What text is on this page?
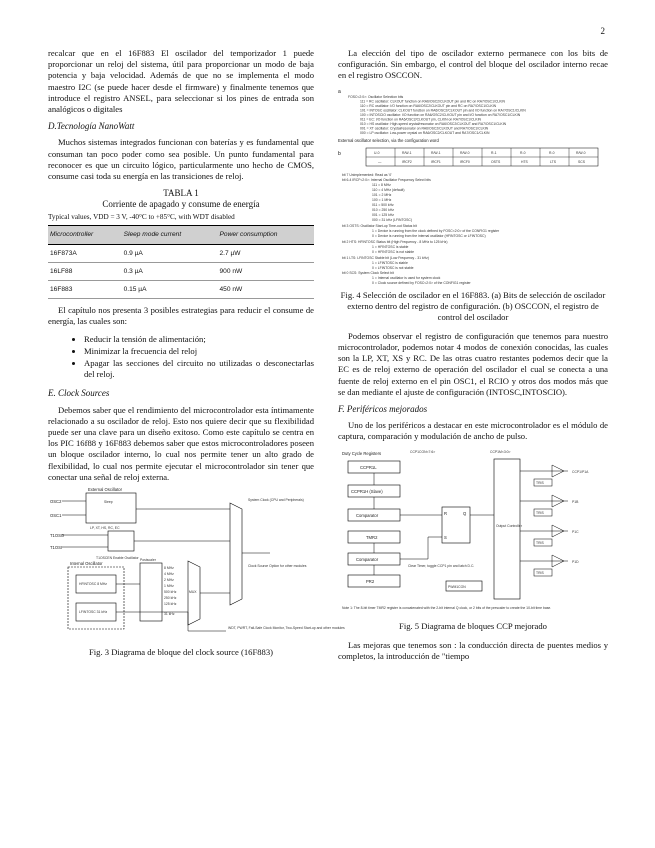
2

recalcar que en el 16F883 El oscilador del temporizador 1 puede proporcionar un reloj del sistema, útil para proporcionar un modo de baja potencia y baja velocidad. Además de que no se implementa el modo maestro I2C (se puede hacer desde el firmware) y finalmente tenemos que introduce el registro ANSEL, para seleccionar si los pines de entrada son analógicos o digitales

D.Tecnología NanoWatt

Muchos sistemas integrados funcionan con baterías y es fundamental que consuman tan poco poder como sea posible. Un punto fundamental para reconocer es que un circuito lógico, particularmente uno hecho de CMOS, consume casi toda su energía en las transiciones de reloj.

TABLA 1
Corriente de apagado y consume de energía
Typical values, VDD = 3 V, -40°C to +85°C, with WDT disabled
Microcontroller	Sleep mode current	Power consumption
16F873A	0.9 µA	2.7 µW
16LF88	0.3 µA	900 nW
16F883	0.15 µA	450 nW

El capítulo nos presenta 3 posibles estrategias para reducir el consume de energía, las cuales son:

• Reducir la tensión de alimentación;
• Minimizar la frecuencia del reloj
• Apagar las secciones del circuito no utilizadas o desconectarlas del reloj.
E. Clock Sources

Debemos saber que el rendimiento del microcontrolador esta íntimamente relacionado a su oscilador de reloj. Esto nos quiere decir que su flexibilidad puede ser una clave para un diseño exitoso. Como este capítulo se centra en los PIC 16f88 y 16F883 debemos saber que estos microcontroladores poseen un bloque oscilador interno, lo cual nos permite tener un alto grado de flexibilidad, lo cual nos permite ejecutar el microcontrolador sin tener que conectar una señal de reloj externa.

External Oscillator
OSC2
OSC1
Sleep
LP, XT, HS, RC, EC
T1OSO
T1OSI
T1OSCEN Enable Oscillator
Internal Oscillator
HFINTOSC 8 MHz
LFINTOSC 31 kHz
Postscaler
8 MHz
4 MHz
2 MHz
1 MHz
500 kHz
250 kHz
125 kHz
31 kHz
MUX
System Clock (CPU and Peripherals)
Clock Source Option for other modules
WDT, PWRT, Fail-Safe Clock Monitor, Two-Speed Start-up and other modules
Fig. 3 Diagrama de bloque del clock source (16F883)

La elección del tipo de oscilador externo permanece con los bits de configuración. Sin embargo, el control del bloque del oscilador interno recae en el registro OSCCON.

a
FOSC<2:0>: Oscillator Selection bits
111 = RC oscillator: CLKOUT function on RA6/OSC2/CLKOUT pin and RC on RA7/OSC1/CLKIN
110 = RC oscillator: I/O function on RA6/OSC2/CLKOUT pin and RC on RA7/OSC1/CLKIN
101 = INTOSC oscillator: CLKOUT function on RA6/OSC2/CLKOUT pin and I/O function on RA7/OSC1/CLKIN
100 = INTOSCIO oscillator: I/O function on RA6/OSC2/CLKOUT pin and I/O function on RA7/OSC1/CLKIN
011 = EC: I/O function on RA6/OSC2/CLKOUT pin, CLKIN on RA7/OSC1/CLKIN
010 = HS oscillator: High-speed crystal/resonator on RA6/OSC2/CLKOUT and RA7/OSC1/CLKIN
001 = XT oscillator: Crystal/resonator on RA6/OSC2/CLKOUT and RA7/OSC1/CLKIN
000 = LP oscillator: Low-power crystal on RA6/OSC2/CLKOUT and RA7/OSC1/CLKIN
External oscillator selection, via the configuration word
b	U-0	R/W-1	R/W-1	R/W-0	R-1	R-0	R-0	R/W-0
—	IRCF2	IRCF1	IRCF0	OSTS	HTS	LTS	SCS
bit 7 Unimplemented: Read as '0'
bit 6-4 IRCF<2:0>: Internal Oscillator Frequency Select bits
111 = 8 MHz
110 = 4 MHz (default)
101 = 2 MHz
100 = 1 MHz
011 = 500 kHz
010 = 250 kHz
001 = 125 kHz
000 = 31 kHz (LFINTOSC)
bit 3 OSTS: Oscillator Start-up Time-out Status bit
1 = Device is running from the clock defined by FOSC<2:0> of the CONFIG1 register
0 = Device is running from the internal oscillator (HFINTOSC or LFINTOSC)
bit 2 HTS: HFINTOSC Status bit (High Frequency - 8 MHz to 125 kHz)
1 = HFINTOSC is stable
0 = HFINTOSC is not stable
bit 1 LTS: LFINTOSC Stable bit (Low Frequency - 31 kHz)
1 = LFINTOSC is stable
0 = LFINTOSC is not stable
bit 0 SCS: System Clock Select bit
1 = Internal oscillator is used for system clock
0 = Clock source defined by FOSC<2:0> of the CONFIG1 register
Fig. 4 Selección de oscilador en el 16F883. (a) Bits de selección de oscilador externo dentro del registro de configuración. (b) OSCCON, el registro de control del oscilador

Podemos observar el registro de configuración que tenemos para nuestro microcontrolador, podemos notar 4 modos de conexión conocidas, las cuales son la LP, XT, XS y RC. De las otras cuatro restantes podemos decir que la EC es de reloj externo de operación del oscilador el cual se conecta a una fuente de reloj externo en el pin OSC1, el RCIO y otros dos modos más que se dan mediante el ajuste de configuración (INTOSC,INTOSCIO).

F. Periféricos mejorados

Uno de los periféricos a destacar en este microcontrolador es el módulo de captura, comparación y modulación de ancho de pulso.

Duty Cycle Registers	CCP1CON<7:6>	CCP1M<3:0>
CCPR1L
CCPR1H (Slave)
Comparator
TMR2
Comparator
PR2
Clear Timer, toggle CCP1 pin and latch D.C.
R
S
Q
Output Controller
TRIS
CCP1/P1A
TRIS
P1B
TRIS
P1C
TRIS
P1D
PWM1CON
Note 1: The 8-bit timer TMR2 register is concatenated with the 2-bit internal Q clock, or 2 bits of the prescaler to create the 10-bit time base.
Fig. 5 Diagrama de bloques CCP mejorado

Las mejoras que tenemos son : la conducción directa de puentes medios y completos, la introducción de "tiempo
